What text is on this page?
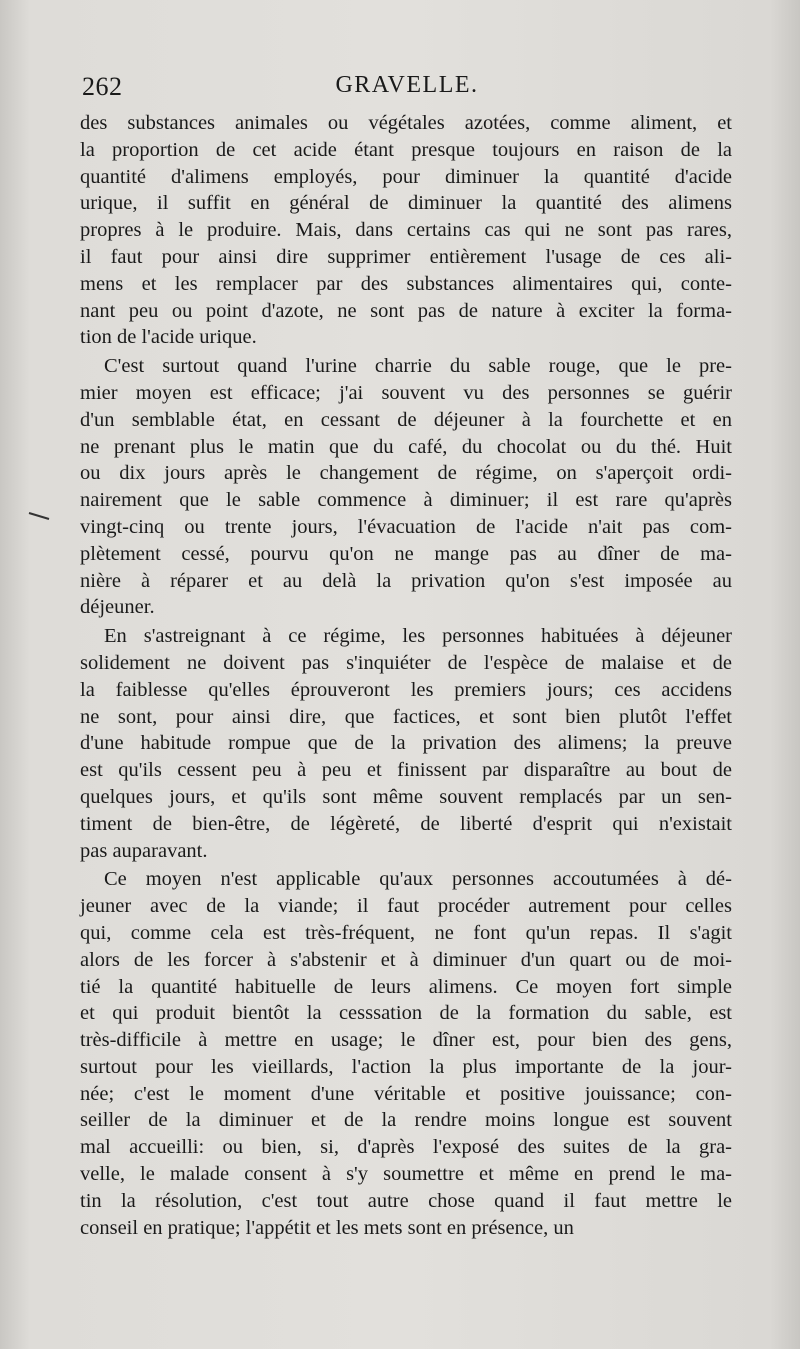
262	GRAVELLE.
des substances animales ou végétales azotées, comme aliment, et
la proportion de cet acide étant presque toujours en raison de la
quantité d'alimens employés, pour diminuer la quantité d'acide
urique, il suffit en général de diminuer la quantité des alimens
propres à le produire. Mais, dans certains cas qui ne sont pas rares,
il faut pour ainsi dire supprimer entièrement l'usage de ces ali-
mens et les remplacer par des substances alimentaires qui, conte-
nant peu ou point d'azote, ne sont pas de nature à exciter la forma-
tion de l'acide urique.
C'est surtout quand l'urine charrie du sable rouge, que le pre-
mier moyen est efficace; j'ai souvent vu des personnes se guérir
d'un semblable état, en cessant de déjeuner à la fourchette et en
ne prenant plus le matin que du café, du chocolat ou du thé. Huit
ou dix jours après le changement de régime, on s'aperçoit ordi-
nairement que le sable commence à diminuer; il est rare qu'après
vingt-cinq ou trente jours, l'évacuation de l'acide n'ait pas com-
plètement cessé, pourvu qu'on ne mange pas au dîner de ma-
nière à réparer et au delà la privation qu'on s'est imposée au
déjeuner.
En s'astreignant à ce régime, les personnes habituées à déjeuner
solidement ne doivent pas s'inquiéter de l'espèce de malaise et de
la faiblesse qu'elles éprouveront les premiers jours; ces accidens
ne sont, pour ainsi dire, que factices, et sont bien plutôt l'effet
d'une habitude rompue que de la privation des alimens; la preuve
est qu'ils cessent peu à peu et finissent par disparaître au bout de
quelques jours, et qu'ils sont même souvent remplacés par un sen-
timent de bien-être, de légèreté, de liberté d'esprit qui n'existait
pas auparavant.
Ce moyen n'est applicable qu'aux personnes accoutumées à dé-
jeuner avec de la viande; il faut procéder autrement pour celles
qui, comme cela est très-fréquent, ne font qu'un repas. Il s'agit
alors de les forcer à s'abstenir et à diminuer d'un quart ou de moi-
tié la quantité habituelle de leurs alimens. Ce moyen fort simple
et qui produit bientôt la cesssation de la formation du sable, est
très-difficile à mettre en usage; le dîner est, pour bien des gens,
surtout pour les vieillards, l'action la plus importante de la jour-
née; c'est le moment d'une véritable et positive jouissance; con-
seiller de la diminuer et de la rendre moins longue est souvent
mal accueilli: ou bien, si, d'après l'exposé des suites de la gra-
velle, le malade consent à s'y soumettre et même en prend le ma-
tin la résolution, c'est tout autre chose quand il faut mettre le
conseil en pratique; l'appétit et les mets sont en présence, un
